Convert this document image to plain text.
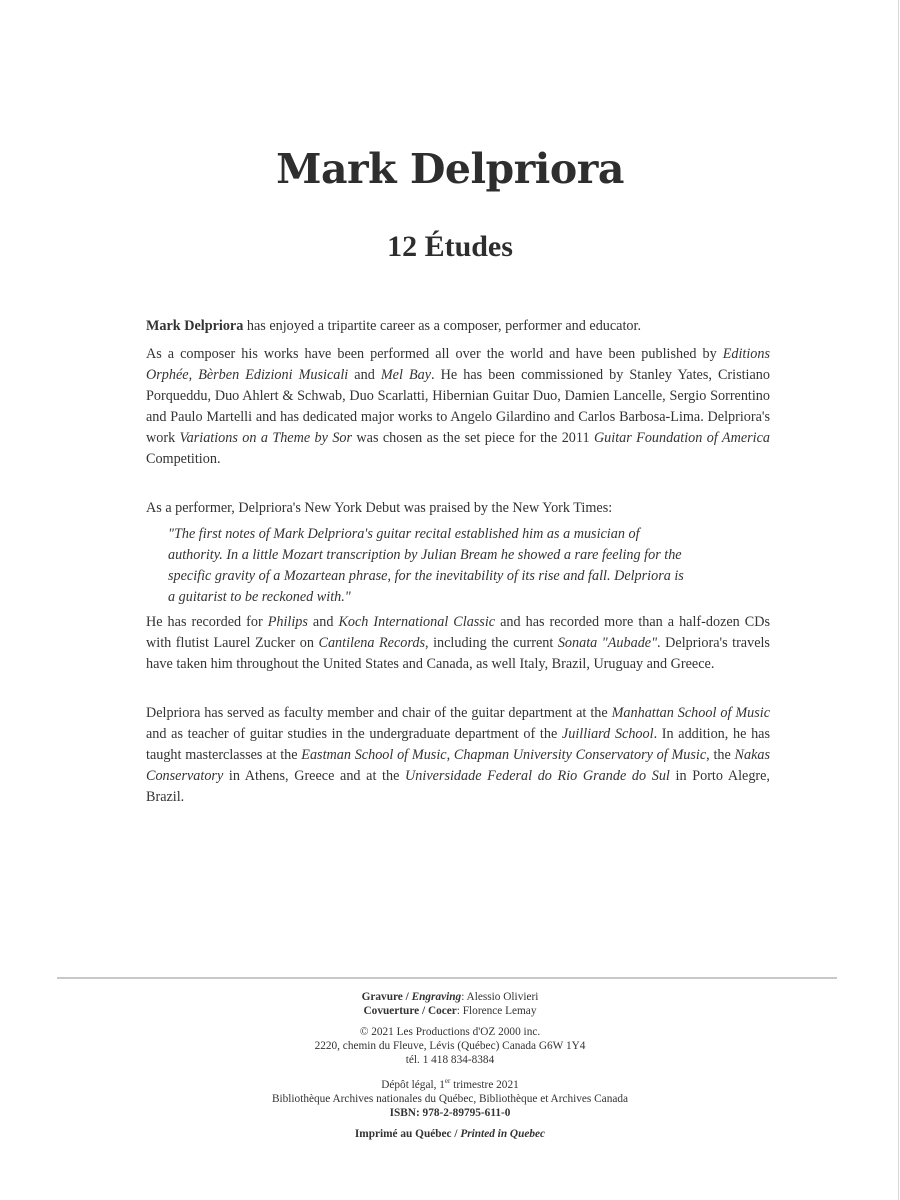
Mark Delpriora
12 Études

Mark Delpriora has enjoyed a tripartite career as a composer, performer and educator.

As a composer his works have been performed all over the world and have been published by Editions Orphée, Bèrben Edizioni Musicali and Mel Bay. He has been commissioned by Stanley Yates, Cristiano Porqueddu, Duo Ahlert & Schwab, Duo Scarlatti, Hibernian Guitar Duo, Damien Lancelle, Sergio Sorrentino and Paulo Martelli and has dedicated major works to Angelo Gilardino and Carlos Barbosa-Lima. Delpriora's work Variations on a Theme by Sor was chosen as the set piece for the 2011 Guitar Foundation of America Competition.

As a performer, Delpriora's New York Debut was praised by the New York Times:

"The first notes of Mark Delpriora's guitar recital established him as a musician of
authority. In a little Mozart transcription by Julian Bream he showed a rare feeling for the
specific gravity of a Mozartean phrase, for the inevitability of its rise and fall. Delpriora is
a guitarist to be reckoned with."

He has recorded for Philips and Koch International Classic and has recorded more than a half-dozen CDs with flutist Laurel Zucker on Cantilena Records, including the current Sonata "Aubade". Delpriora's travels have taken him throughout the United States and Canada, as well Italy, Brazil, Uruguay and Greece.

Delpriora has served as faculty member and chair of the guitar department at the Manhattan School of Music and as teacher of guitar studies in the undergraduate department of the Juilliard School. In addition, he has taught masterclasses at the Eastman School of Music, Chapman University Conservatory of Music, the Nakas Conservatory in Athens, Greece and at the Universidade Federal do Rio Grande do Sul in Porto Alegre, Brazil.

Gravure / Engraving: Alessio Olivieri
Covuerture / Cocer: Florence Lemay
© 2021 Les Productions d'OZ 2000 inc.
2220, chemin du Fleuve, Lévis (Québec) Canada G6W 1Y4
tél. 1 418 834-8384
Dépôt légal, 1er trimestre 2021
Bibliothèque Archives nationales du Québec, Bibliothèque et Archives Canada
ISBN: 978-2-89795-611-0
Imprimé au Québec / Printed in Quebec
